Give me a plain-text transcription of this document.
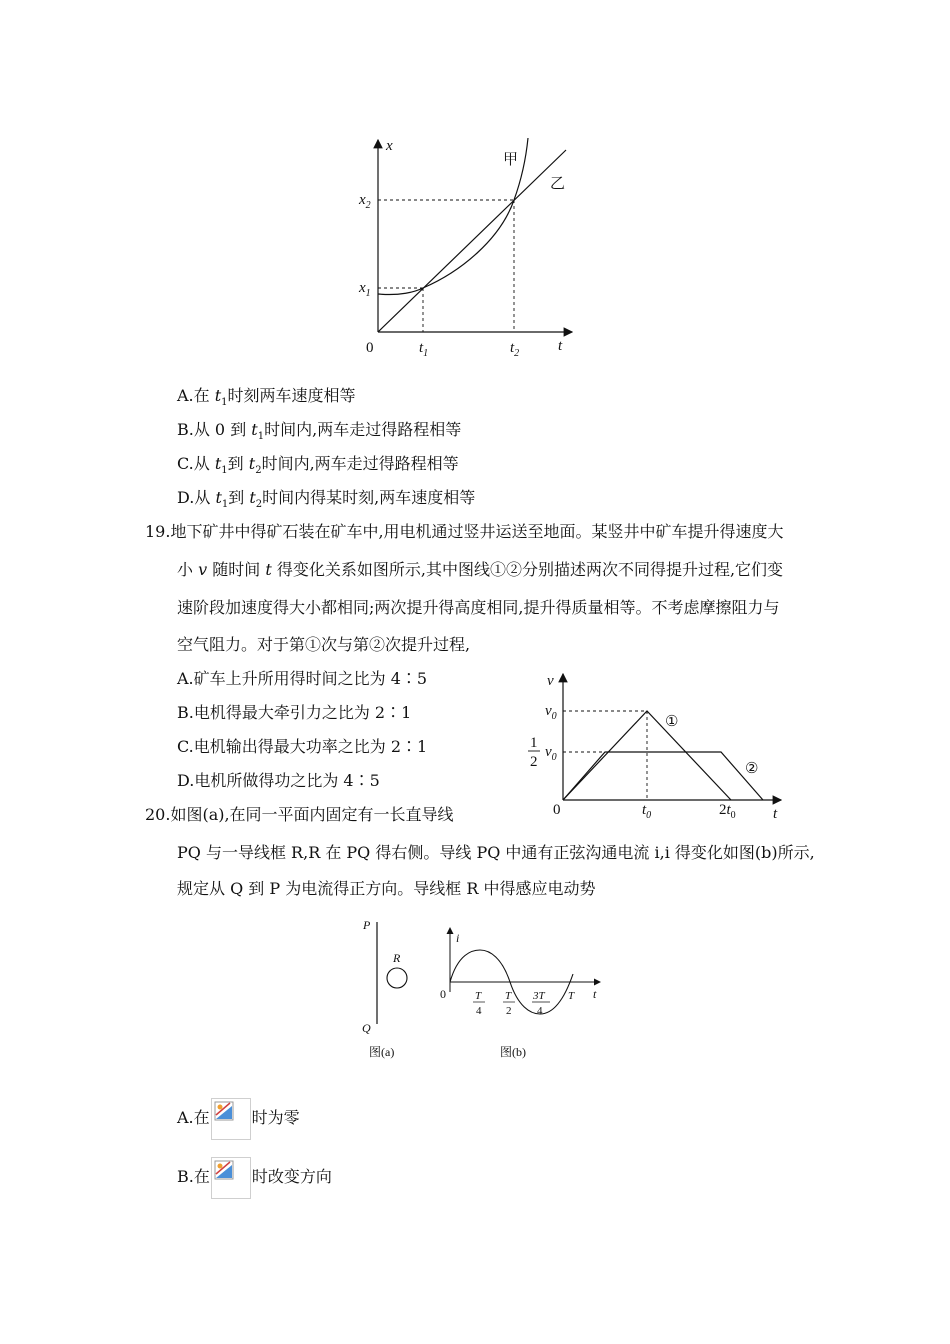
x
t
0
$x_2$
$x_1$
$t_1$	$t_2$
甲
乙
A.在 $t_1$时刻两车速度相等
B.从 0 到 $t_1$时间内,两车走过得路程相等
C.从 $t_1$到 $t_2$时间内,两车走过得路程相等
D.从 $t_1$到 $t_2$时间内得某时刻,两车速度相等
19.地下矿井中得矿石装在矿车中,用电机通过竖井运送至地面。某竖井中矿车提升得速度大
小 v 随时间 t 得变化关系如图所示,其中图线①②分别描述两次不同得提升过程,它们变
速阶段加速度得大小都相同;两次提升得高度相同,提升得质量相等。不考虑摩擦阻力与
空气阻力。对于第①次与第②次提升过程,
A.矿车上升所用得时间之比为 4∶5
B.电机得最大牵引力之比为 2∶1
C.电机输出得最大功率之比为 2∶1
D.电机所做得功之比为 4∶5
v
t
0
$v_0$
1
2
$v_0$
$t_0$	$2t_0$
①
②
20.如图(a),在同一平面内固定有一长直导线
PQ 与一导线框 R,R 在 PQ 得右侧。导线 PQ 中通有正弦沟通电流 i,i 得变化如图(b)所示,
规定从 Q 到 P 为电流得正方向。导线框 R 中得感应电动势
P
Q
R
图(a)
i
t
0	T
4
T
2
3T
4
T
图(b)
A.在	时为零
B.在	时改变方向
